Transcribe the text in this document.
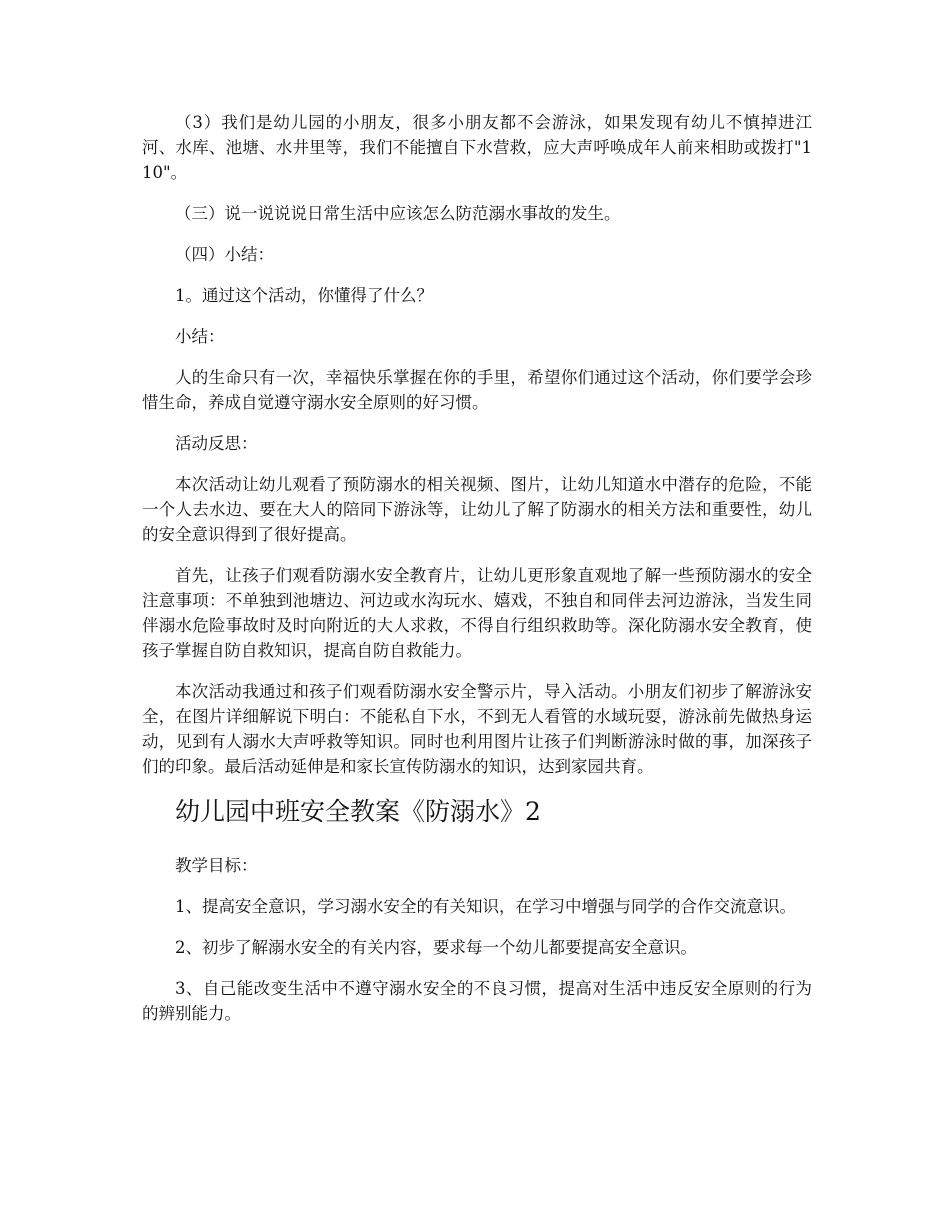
（3）我们是幼儿园的小朋友，很多小朋友都不会游泳，如果发现有幼儿不慎掉进江河、水库、池塘、水井里等，我们不能擅自下水营救，应大声呼唤成年人前来相助或拨打"110"。

（三）说一说说说日常生活中应该怎么防范溺水事故的发生。

（四）小结：

1。通过这个活动，你懂得了什么？

小结：

人的生命只有一次，幸福快乐掌握在你的手里，希望你们通过这个活动，你们要学会珍惜生命，养成自觉遵守溺水安全原则的好习惯。

活动反思：

本次活动让幼儿观看了预防溺水的相关视频、图片，让幼儿知道水中潜存的危险，不能一个人去水边、要在大人的陪同下游泳等，让幼儿了解了防溺水的相关方法和重要性，幼儿的安全意识得到了很好提高。

首先，让孩子们观看防溺水安全教育片，让幼儿更形象直观地了解一些预防溺水的安全注意事项：不单独到池塘边、河边或水沟玩水、嬉戏，不独自和同伴去河边游泳，当发生同伴溺水危险事故时及时向附近的大人求救，不得自行组织救助等。深化防溺水安全教育，使孩子掌握自防自救知识，提高自防自救能力。

本次活动我通过和孩子们观看防溺水安全警示片，导入活动。小朋友们初步了解游泳安全，在图片详细解说下明白：不能私自下水，不到无人看管的水域玩耍，游泳前先做热身运动，见到有人溺水大声呼救等知识。同时也利用图片让孩子们判断游泳时做的事，加深孩子们的印象。最后活动延伸是和家长宣传防溺水的知识，达到家园共育。

幼儿园中班安全教案《防溺水》2

教学目标：

1、提高安全意识，学习溺水安全的有关知识，在学习中增强与同学的合作交流意识。

2、初步了解溺水安全的有关内容，要求每一个幼儿都要提高安全意识。

3、自己能改变生活中不遵守溺水安全的不良习惯，提高对生活中违反安全原则的行为的辨别能力。
